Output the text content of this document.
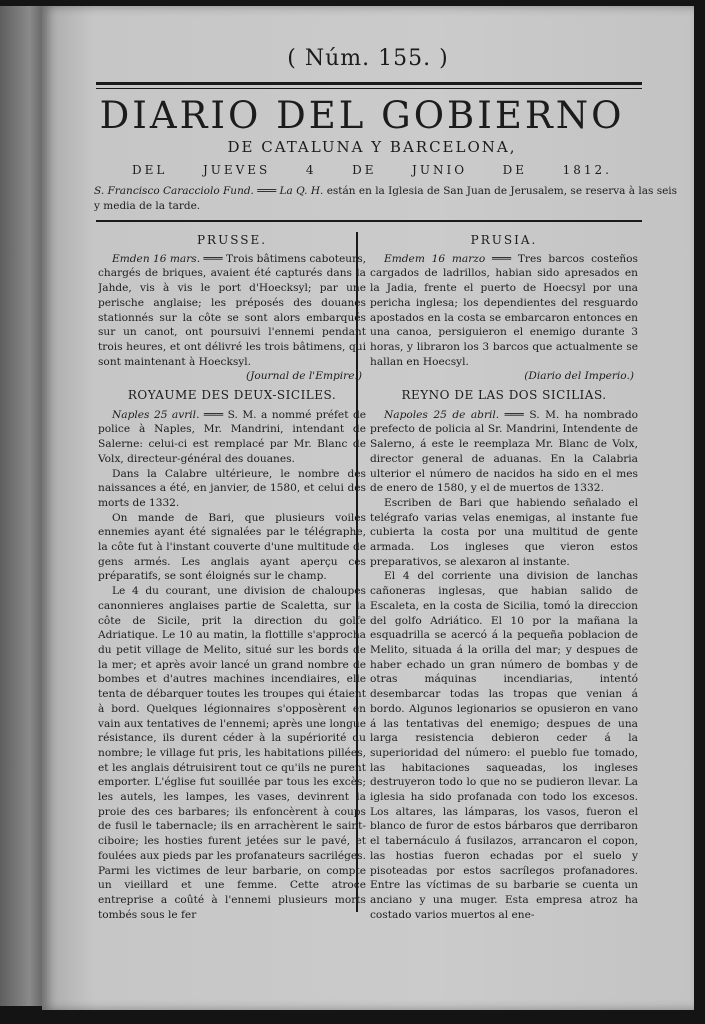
( Núm. 155. )
DIARIO DEL GOBIERNO
DE CATALUNA Y BARCELONA,
DEL	JUEVES	4	DE	JUNIO	DE	1812.
S. Francisco Caracciolo Fund. ═══ La Q. H. están en la Iglesia de San Juan de Jerusalem, se reserva à las seis y media de la tarde.
PRUSSE.

Emden 16 mars. ═══ Trois bâtimens caboteurs, chargés de briques, avaient été capturés dans la Jahde, vis à vis le port d'Hoecksyl; par une perische anglaise; les préposés des douanes stationnés sur la côte se sont alors embarqués sur un canot, ont poursuivi l'ennemi pendant trois heures, et ont délivré les trois bâtimens, qui sont maintenant à Hoecksyl.

(Journal de l'Empire.)
ROYAUME DES DEUX-SICILES.

Naples 25 avril. ═══ S. M. a nommé préfet de police à Naples, Mr. Mandrini, intendant de Salerne: celui-ci est remplacé par Mr. Blanc de Volx, directeur-général des douanes.

Dans la Calabre ultérieure, le nombre des naissances a été, en janvier, de 1580, et celui des morts de 1332.

On mande de Bari, que plusieurs voiles ennemies ayant été signalées par le télégraphe, la côte fut à l'instant couverte d'une multitude de gens armés. Les anglais ayant aperçu ces préparatifs, se sont éloignés sur le champ.

Le 4 du courant, une division de chaloupes canonnieres anglaises partie de Scaletta, sur la côte de Sicile, prit la direction du golfe Adriatique. Le 10 au matin, la flottille s'approcha du petit village de Melito, situé sur les bords de la mer; et après avoir lancé un grand nombre de bombes et d'autres machines incendiaires, elle tenta de débarquer toutes les troupes qui étaient à bord. Quelques légionnaires s'opposèrent en vain aux tentatives de l'ennemi; après une longue résistance, ils durent céder à la supériorité du nombre; le village fut pris, les habitations pillées, et les anglais détruisirent tout ce qu'ils ne purent emporter. L'église fut souillée par tous les excès; les autels, les lampes, les vases, devinrent la proie des ces barbares; ils enfoncèrent à coups de fusil le tabernacle; ils en arrachèrent le saint-ciboire; les hosties furent jetées sur le pavé, et foulées aux pieds par les profanateurs sacriléges. Parmi les victimes de leur barbarie, on compte un vieillard et une femme. Cette atroce entreprise a coûté à l'ennemi plusieurs morts tombés sous le fer

PRUSIA.

Emdem 16 marzo ═══ Tres barcos costeños cargados de ladrillos, habian sido apresados en la Jadia, frente el puerto de Hoecsyl por una pericha inglesa; los dependientes del resguardo apostados en la costa se embarcaron entonces en una canoa, persiguieron el enemigo durante 3 horas, y libraron los 3 barcos que actualmente se hallan en Hoecsyl.

(Diario del Imperio.)
REYNO DE LAS DOS SICILIAS.

Napoles 25 de abril. ═══ S. M. ha nombrado prefecto de policia al Sr. Mandrini, Intendente de Salerno, á este le reemplaza Mr. Blanc de Volx, director general de aduanas. En la Calabria ulterior el número de nacidos ha sido en el mes de enero de 1580, y el de muertos de 1332.

Escriben de Bari que habiendo señalado el telégrafo varias velas enemigas, al instante fue cubierta la costa por una multitud de gente armada. Los ingleses que vieron estos preparativos, se alexaron al instante.

El 4 del corriente una division de lanchas cañoneras inglesas, que habian salido de Escaleta, en la costa de Sicilia, tomó la direccion del golfo Adriático. El 10 por la mañana la esquadrilla se acercó á la pequeña poblacion de Melito, situada á la orilla del mar; y despues de haber echado un gran número de bombas y de otras máquinas incendiarias, intentó desembarcar todas las tropas que venian á bordo. Algunos legionarios se opusieron en vano á las tentativas del enemigo; despues de una larga resistencia debieron ceder á la superioridad del número: el pueblo fue tomado, las habitaciones saqueadas, los ingleses destruyeron todo lo que no se pudieron llevar. La iglesia ha sido profanada con todo los excesos. Los altares, las lámparas, los vasos, fueron el blanco de furor de estos bárbaros que derribaron el tabernáculo á fusilazos, arrancaron el copon, las hostias fueron echadas por el suelo y pisoteadas por estos sacrílegos profanadores. Entre las víctimas de su barbarie se cuenta un anciano y una muger. Esta empresa atroz ha costado varios muertos al ene-
